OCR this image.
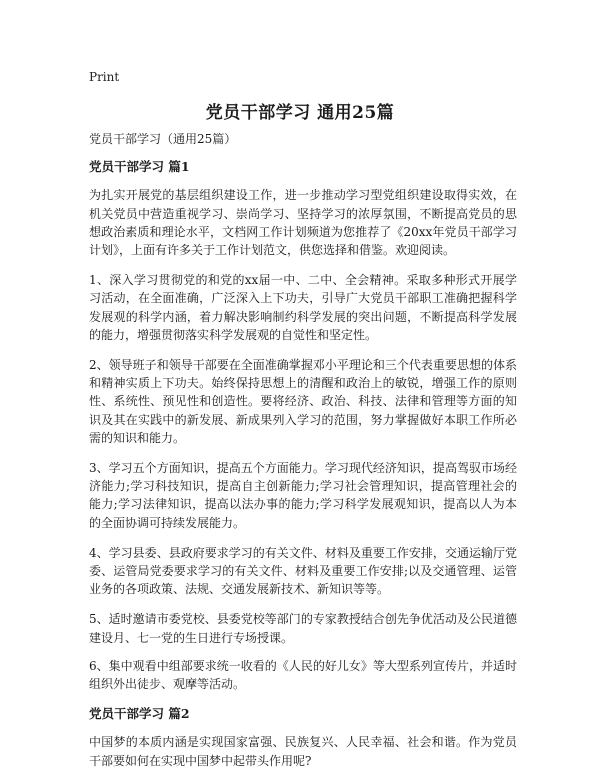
Print
党员干部学习 通用25篇

党员干部学习（通用25篇）

党员干部学习 篇1

为扎实开展党的基层组织建设工作，进一步推动学习型党组织建设取得实效，在机关党员中营造重视学习、崇尚学习、坚持学习的浓厚氛围，不断提高党员的思想政治素质和理论水平，文档网工作计划频道为您推荐了《20xx年党员干部学习计划》，上面有许多关于工作计划范文，供您选择和借鉴。欢迎阅读。

1、深入学习贯彻党的和党的xx届一中、二中、全会精神。采取多种形式开展学习活动，在全面准确，广泛深入上下功夫，引导广大党员干部职工准确把握科学发展观的科学内涵，着力解决影响制约科学发展的突出问题，不断提高科学发展的能力，增强贯彻落实科学发展观的自觉性和坚定性。

2、领导班子和领导干部要在全面准确掌握邓小平理论和三个代表重要思想的体系和精神实质上下功夫。始终保持思想上的清醒和政治上的敏锐，增强工作的原则性、系统性、预见性和创造性。要将经济、政治、科技、法律和管理等方面的知识及其在实践中的新发展、新成果列入学习的范围，努力掌握做好本职工作所必需的知识和能力。

3、学习五个方面知识，提高五个方面能力。学习现代经济知识，提高驾驭市场经济能力;学习科技知识，提高自主创新能力;学习社会管理知识，提高管理社会的能力;学习法律知识，提高以法办事的能力;学习科学发展观知识，提高以人为本的全面协调可持续发展能力。

4、学习县委、县政府要求学习的有关文件、材料及重要工作安排，交通运输厅党委、运管局党委要求学习的有关文件、材料及重要工作安排;以及交通管理、运管业务的各项政策、法规、交通发展新技术、新知识等等。

5、适时邀请市委党校、县委党校等部门的专家教授结合创先争优活动及公民道德建设月、七一党的生日进行专场授课。

6、集中观看中组部要求统一收看的《人民的好儿女》等大型系列宣传片，并适时组织外出徒步、观摩等活动。

党员干部学习 篇2

中国梦的本质内涵是实现国家富强、民族复兴、人民幸福、社会和谐。作为党员干部要如何在实现中国梦中起带头作用呢?
